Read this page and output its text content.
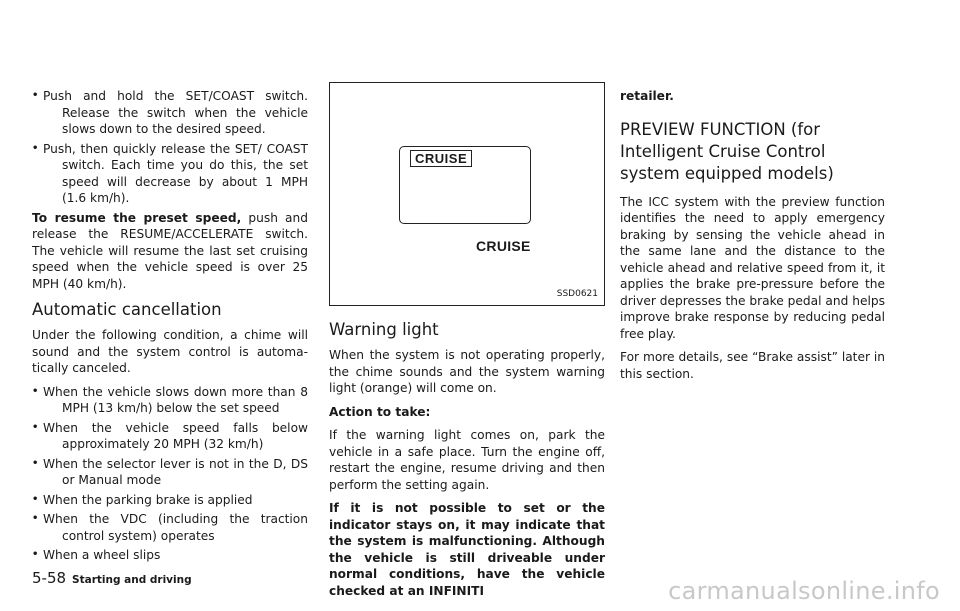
• Push and hold the SET/COAST switch. Release the switch when the vehicle slows down to the desired speed.
• Push, then quickly release the SET/ COAST switch. Each time you do this, the set speed will decrease by about 1 MPH (1.6 km/h).

To resume the preset speed, push and release the RESUME/ACCELERATE switch. The vehicle will resume the last set cruising speed when the vehicle speed is over 25 MPH (40 km/h).

Automatic cancellation

Under the following condition, a chime will sound and the system control is automa-tically canceled.

• When the vehicle slows down more than 8 MPH (13 km/h) below the set speed
• When the vehicle speed falls below approximately 20 MPH (32 km/h)
• When the selector lever is not in the D, DS or Manual mode
• When the parking brake is applied
• When the VDC (including the traction control system) operates
• When a wheel slips
CRUISE
CRUISE
SSD0621
Warning light

When the system is not operating properly, the chime sounds and the system warning light (orange) will come on.

Action to take:

If the warning light comes on, park the vehicle in a safe place. Turn the engine off, restart the engine, resume driving and then perform the setting again.

If it is not possible to set or the indicator stays on, it may indicate that the system is malfunctioning. Although the vehicle is still driveable under normal conditions, have the vehicle checked at an INFINITI

retailer.

PREVIEW FUNCTION (for Intelligent Cruise Control system equipped models)

The ICC system with the preview function identifies the need to apply emergency braking by sensing the vehicle ahead in the same lane and the distance to the vehicle ahead and relative speed from it, it applies the brake pre-pressure before the driver depresses the brake pedal and helps improve brake response by reducing pedal free play.

For more details, see “Brake assist” later in this section.

5-58 Starting and driving	carmanualsonline.info
